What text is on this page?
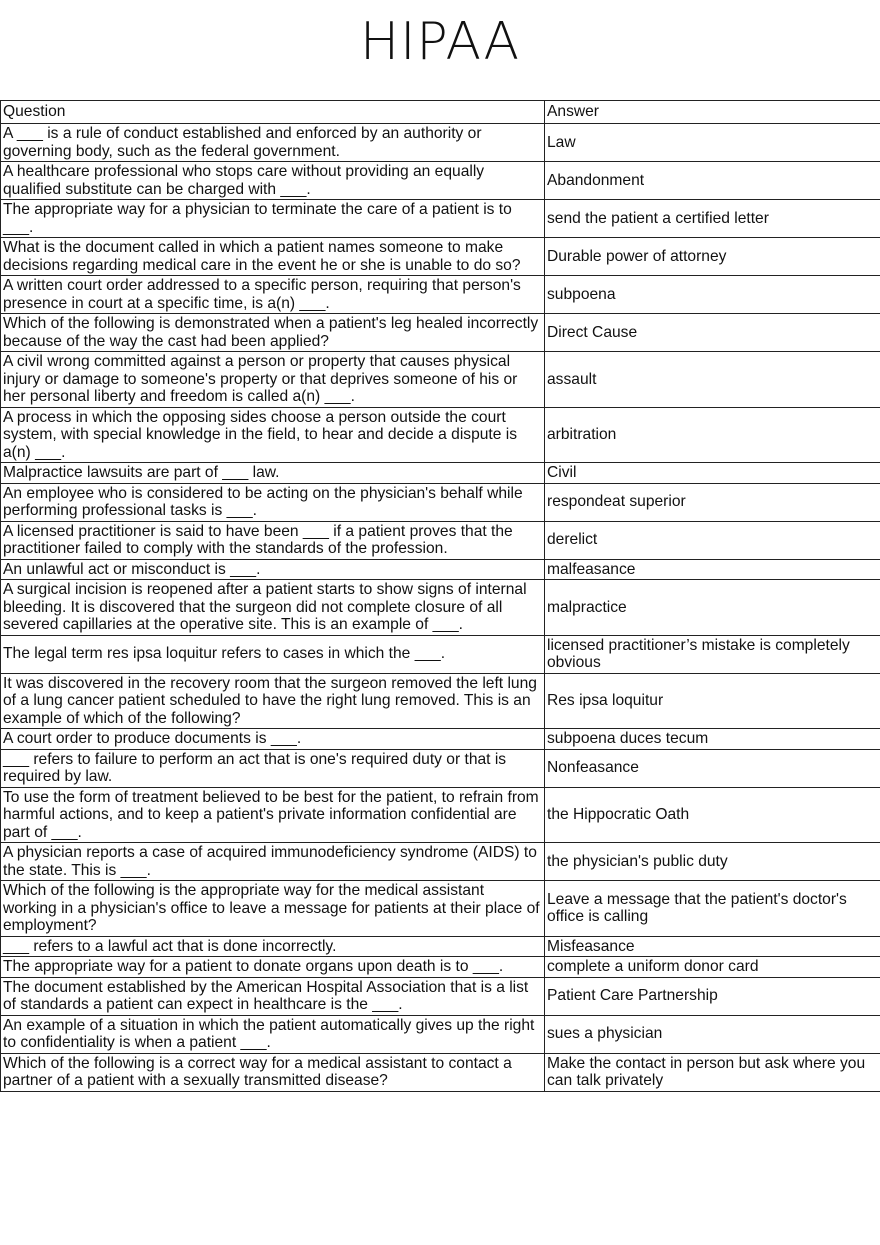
HIPAA
Question	Answer
A ___ is a rule of conduct established and enforced by an authority or governing body, such as the federal government.	Law
A healthcare professional who stops care without providing an equally qualified substitute can be charged with ___.	Abandonment
The appropriate way for a physician to terminate the care of a patient is to ___.	send the patient a certified letter
What is the document called in which a patient names someone to make decisions regarding medical care in the event he or she is unable to do so?	Durable power of attorney
A written court order addressed to a specific person, requiring that person's presence in court at a specific time, is a(n) ___.	subpoena
Which of the following is demonstrated when a patient's leg healed incorrectly because of the way the cast had been applied?	Direct Cause
A civil wrong committed against a person or property that causes physical injury or damage to someone's property or that deprives someone of his or her personal liberty and freedom is called a(n) ___.	assault
A process in which the opposing sides choose a person outside the court system, with special knowledge in the field, to hear and decide a dispute is a(n) ___.	arbitration
Malpractice lawsuits are part of ___ law.	Civil
An employee who is considered to be acting on the physician's behalf while performing professional tasks is ___.	respondeat superior
A licensed practitioner is said to have been ___ if a patient proves that the practitioner failed to comply with the standards of the profession.	derelict
An unlawful act or misconduct is ___.	malfeasance
A surgical incision is reopened after a patient starts to show signs of internal bleeding. It is discovered that the surgeon did not complete closure of all severed capillaries at the operative site. This is an example of ___.	malpractice
The legal term res ipsa loquitur refers to cases in which the ___.	licensed practitioner’s mistake is completely obvious
It was discovered in the recovery room that the surgeon removed the left lung of a lung cancer patient scheduled to have the right lung removed. This is an example of which of the following?	Res ipsa loquitur
A court order to produce documents is ___.	subpoena duces tecum
___ refers to failure to perform an act that is one's required duty or that is required by law.	Nonfeasance
To use the form of treatment believed to be best for the patient, to refrain from harmful actions, and to keep a patient's private information confidential are part of ___.	the Hippocratic Oath
A physician reports a case of acquired immunodeficiency syndrome (AIDS) to the state. This is ___.	the physician's public duty
Which of the following is the appropriate way for the medical assistant working in a physician's office to leave a message for patients at their place of employment?	Leave a message that the patient's doctor's office is calling
___ refers to a lawful act that is done incorrectly.	Misfeasance
The appropriate way for a patient to donate organs upon death is to ___.	complete a uniform donor card
The document established by the American Hospital Association that is a list of standards a patient can expect in healthcare is the ___.	Patient Care Partnership
An example of a situation in which the patient automatically gives up the right to confidentiality is when a patient ___.	sues a physician
Which of the following is a correct way for a medical assistant to contact a partner of a patient with a sexually transmitted disease?	Make the contact in person but ask where you can talk privately
